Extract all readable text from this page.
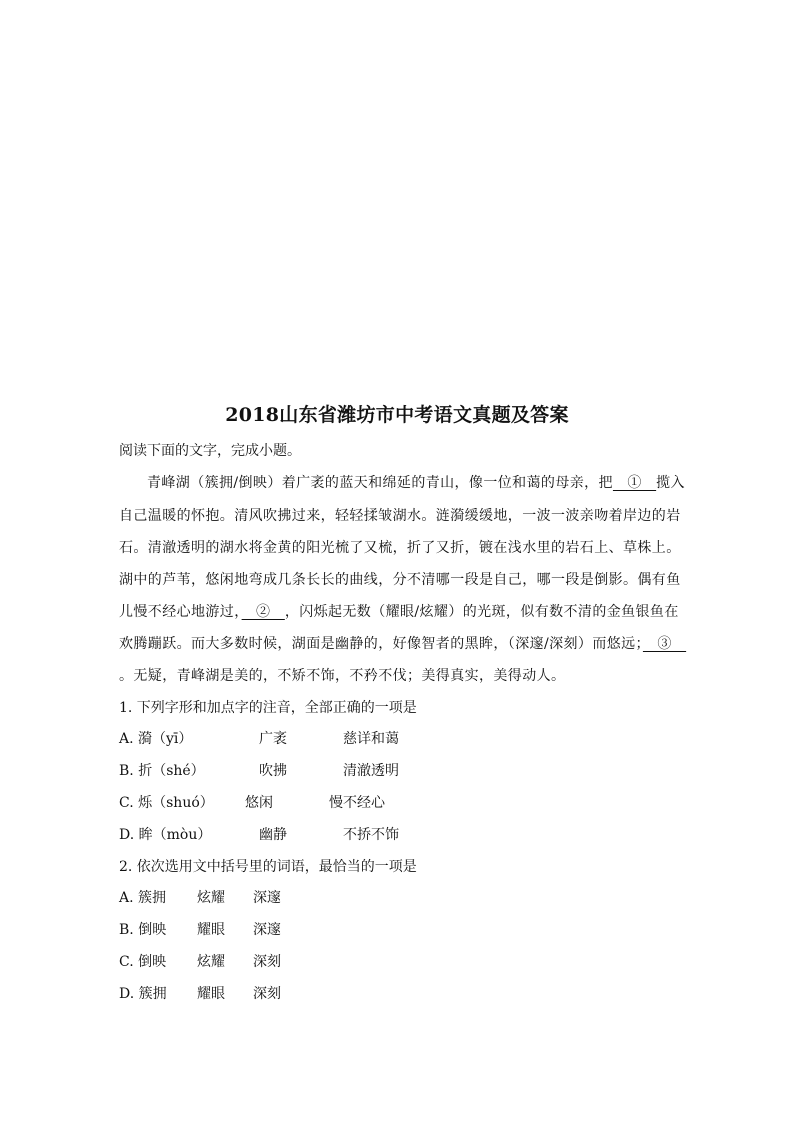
2018山东省潍坊市中考语文真题及答案
阅读下面的文字，完成小题。
青峰湖（簇拥/倒映）着广袤的蓝天和绵延的青山，像一位和蔼的母亲，把　①　揽入
自己温暖的怀抱。清风吹拂过来，轻轻揉皱湖水。涟漪缓缓地，一波一波亲吻着岸边的岩
石。清澈透明的湖水将金黄的阳光梳了又梳，折了又折，镀在浅水里的岩石上、草株上。
湖中的芦苇，悠闲地弯成几条长长的曲线，分不清哪一段是自己，哪一段是倒影。偶有鱼
儿慢不经心地游过，　②　，闪烁起无数（耀眼/炫耀）的光斑，似有数不清的金鱼银鱼在
欢腾蹦跃。而大多数时候，湖面是幽静的，好像智者的黑眸，（深邃/深刻）而悠远；　③　
。无疑，青峰湖是美的，不矫不饰，不矜不伐；美得真实，美得动人。
1. 下列字形和加点字的注音，全部正确的一项是
A. 漪（yī）	广袤	慈详和蔼
B. 折（shé）	吹拂	清澈透明
C. 烁（shuó） 悠闲	慢不经心
D. 眸（mòu）	幽静	不挢不饰
2. 依次选用文中括号里的词语，最恰当的一项是
A. 簇拥 炫耀 深邃
B. 倒映 耀眼 深邃
C. 倒映 炫耀 深刻
D. 簇拥 耀眼 深刻
